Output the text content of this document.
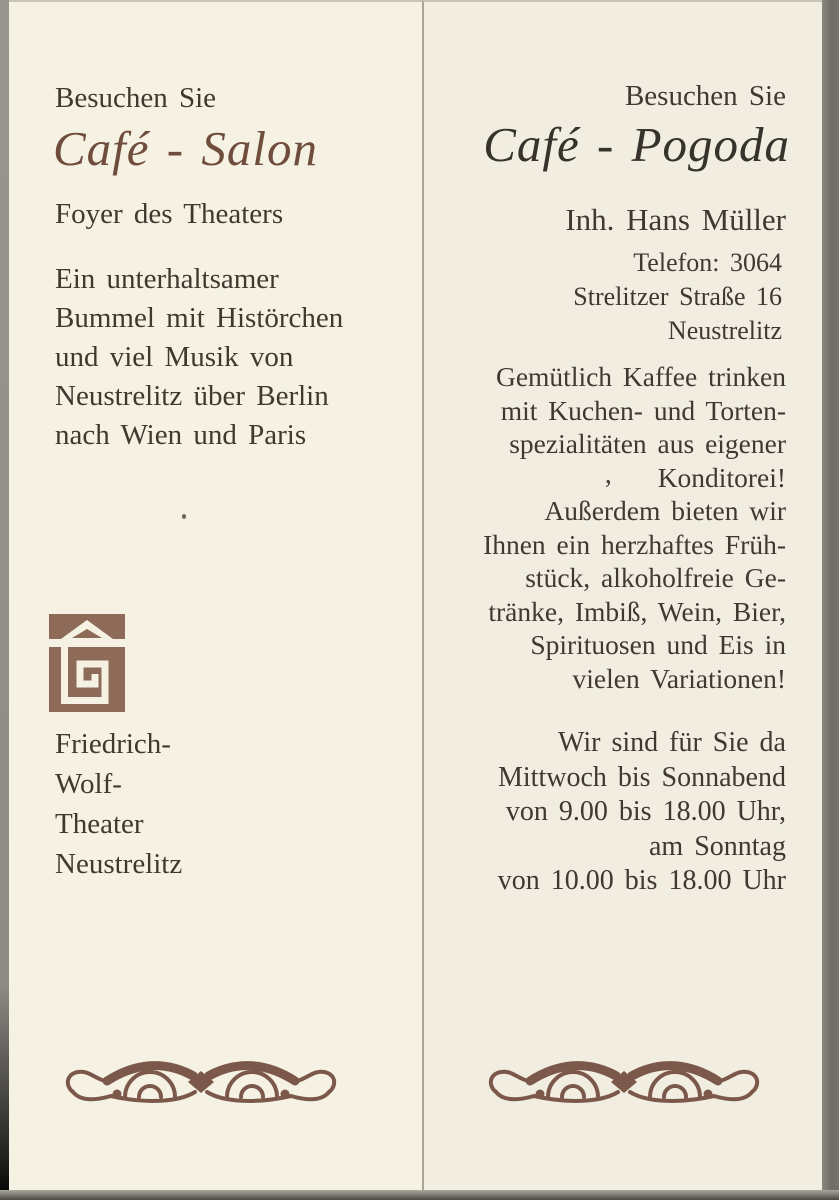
Besuchen Sie
Café - Salon
Foyer des Theaters
Ein unterhaltsamer
Bummel mit Histörchen
und viel Musik von
Neustrelitz über Berlin
nach Wien und Paris
Friedrich-
Wolf-
Theater
Neustrelitz
Besuchen Sie
Café - Pogoda
Inh. Hans Müller
Telefon: 3064
Strelitzer Straße 16
Neustrelitz
Gemütlich Kaffee trinken
mit Kuchen- und Torten-
spezialitäten aus eigener
, Konditorei!
Außerdem bieten wir
Ihnen ein herzhaftes Früh-
stück, alkoholfreie Ge-
tränke, Imbiß, Wein, Bier,
Spirituosen und Eis in
vielen Variationen!
Wir sind für Sie da
Mittwoch bis Sonnabend
von 9.00 bis 18.00 Uhr,
am Sonntag
von 10.00 bis 18.00 Uhr
